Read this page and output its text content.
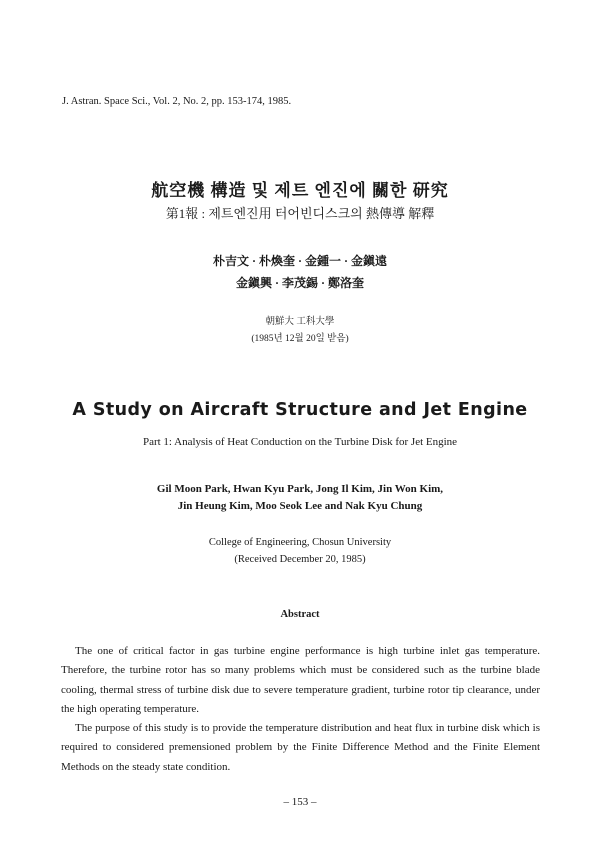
J. Astran. Space Sci., Vol. 2, No. 2, pp. 153-174, 1985.
航空機 構造 및 제트 엔진에 關한 研究
第1報 : 제트엔진用 터어빈디스크의 熱傳導 解釋
朴吉文 · 朴煥奎 · 金鍾一 · 金鎭遠
金鎭興 · 李茂錫 · 鄭洛奎
朝鮮大 工科大學
(1985년 12월 20일 받음)
A Study on Aircraft Structure and Jet Engine
Part 1: Analysis of Heat Conduction on the Turbine Disk for Jet Engine
Gil Moon Park, Hwan Kyu Park, Jong Il Kim, Jin Won Kim,
Jin Heung Kim, Moo Seok Lee and Nak Kyu Chung
College of Engineering, Chosun University
(Received December 20, 1985)
Abstract

The one of critical factor in gas turbine engine performance is high turbine inlet gas temperature. Therefore, the turbine rotor has so many problems which must be considered such as the turbine blade cooling, thermal stress of turbine disk due to severe temperature gradient, turbine rotor tip clearance, under the high operating temperature.

The purpose of this study is to provide the temperature distribution and heat flux in turbine disk which is required to considered premensioned problem by the Finite Difference Method and the Finite Element Methods on the steady state condition.

– 153 –
